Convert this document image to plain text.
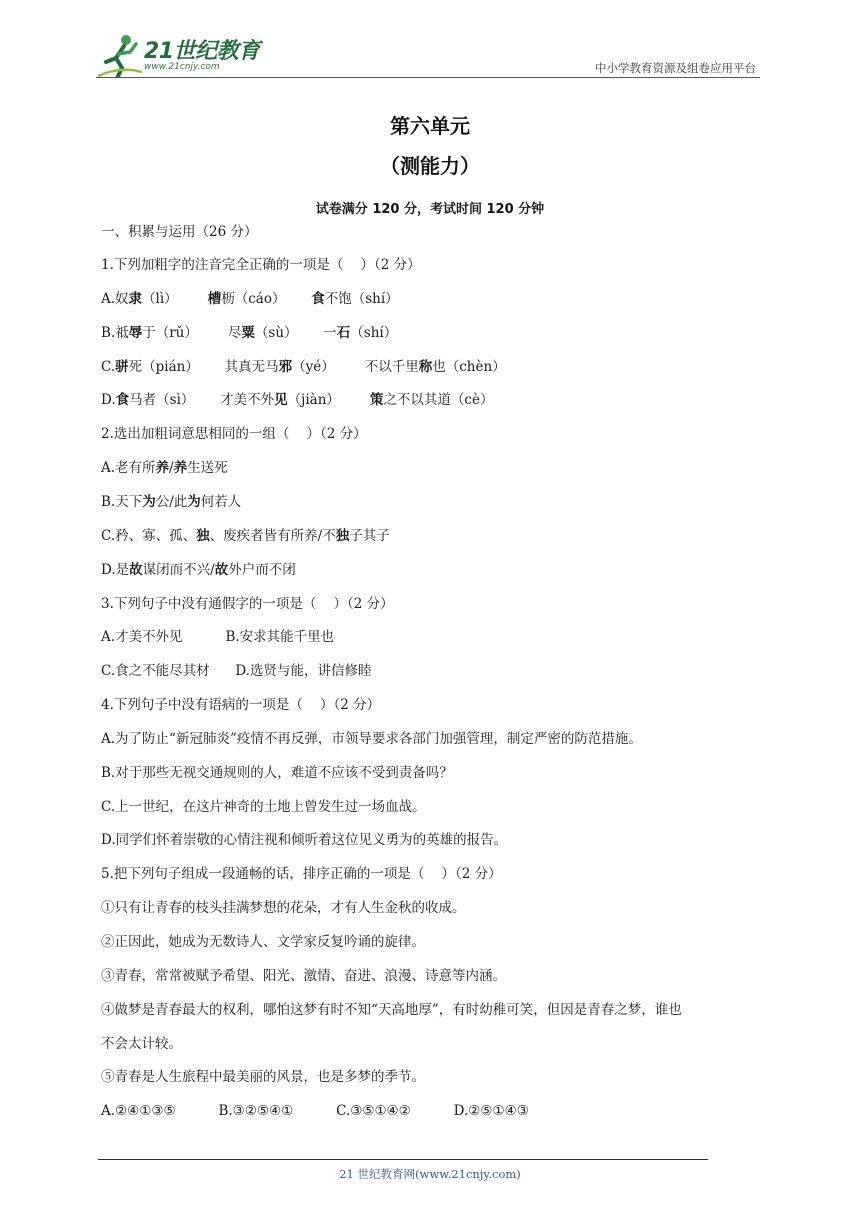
21世纪教育
www.21cnjy.com	中小学教育资源及组卷应用平台
第六单元
（测能力）
试卷满分 120 分，考试时间 120 分钟
一、积累与运用（26 分）
1.下列加粗字的注音完全正确的一项是（    ）（2 分）
A.奴隶（lì）       槽枥（cáo）      食不饱（shí）
B.祗辱于（rǔ）       尽粟（sù）      一石（shí）
C.骈死（pián）      其真无马邪（yé）       不以千里称也（chèn）
D.食马者（sì）      才美不外见（jiàn）       策之不以其道（cè）
2.选出加粗词意思相同的一组（    ）（2 分）
A.老有所养/养生送死
B.天下为公/此为何若人
C.矜、寡、孤、独、废疾者皆有所养/不独子其子
D.是故谋闭而不兴/故外户而不闭
3.下列句子中没有通假字的一项是（    ）（2 分）
A.才美不外见          B.安求其能千里也
C.食之不能尽其材      D.选贤与能，讲信修睦
4.下列句子中没有语病的一项是（    ）（2 分）
A.为了防止“新冠肺炎”疫情不再反弹，市领导要求各部门加强管理，制定严密的防范措施。
B.对于那些无视交通规则的人，难道不应该不受到责备吗？
C.上一世纪，在这片神奇的土地上曾发生过一场血战。
D.同学们怀着崇敬的心情注视和倾听着这位见义勇为的英雄的报告。
5.把下列句子组成一段通畅的话，排序正确的一项是（    ）（2 分）
①只有让青春的枝头挂满梦想的花朵，才有人生金秋的收成。
②正因此，她成为无数诗人、文学家反复吟诵的旋律。
③青春，常常被赋予希望、阳光、激情、奋进、浪漫、诗意等内涵。
④做梦是青春最大的权利，哪怕这梦有时不知“天高地厚”，有时幼稚可笑，但因是青春之梦，谁也
不会太计较。
⑤青春是人生旅程中最美丽的风景，也是多梦的季节。
A.②④①③⑤          B.③②⑤④①          C.③⑤①④②          D.②⑤①④③
21 世纪教育网(www.21cnjy.com)
